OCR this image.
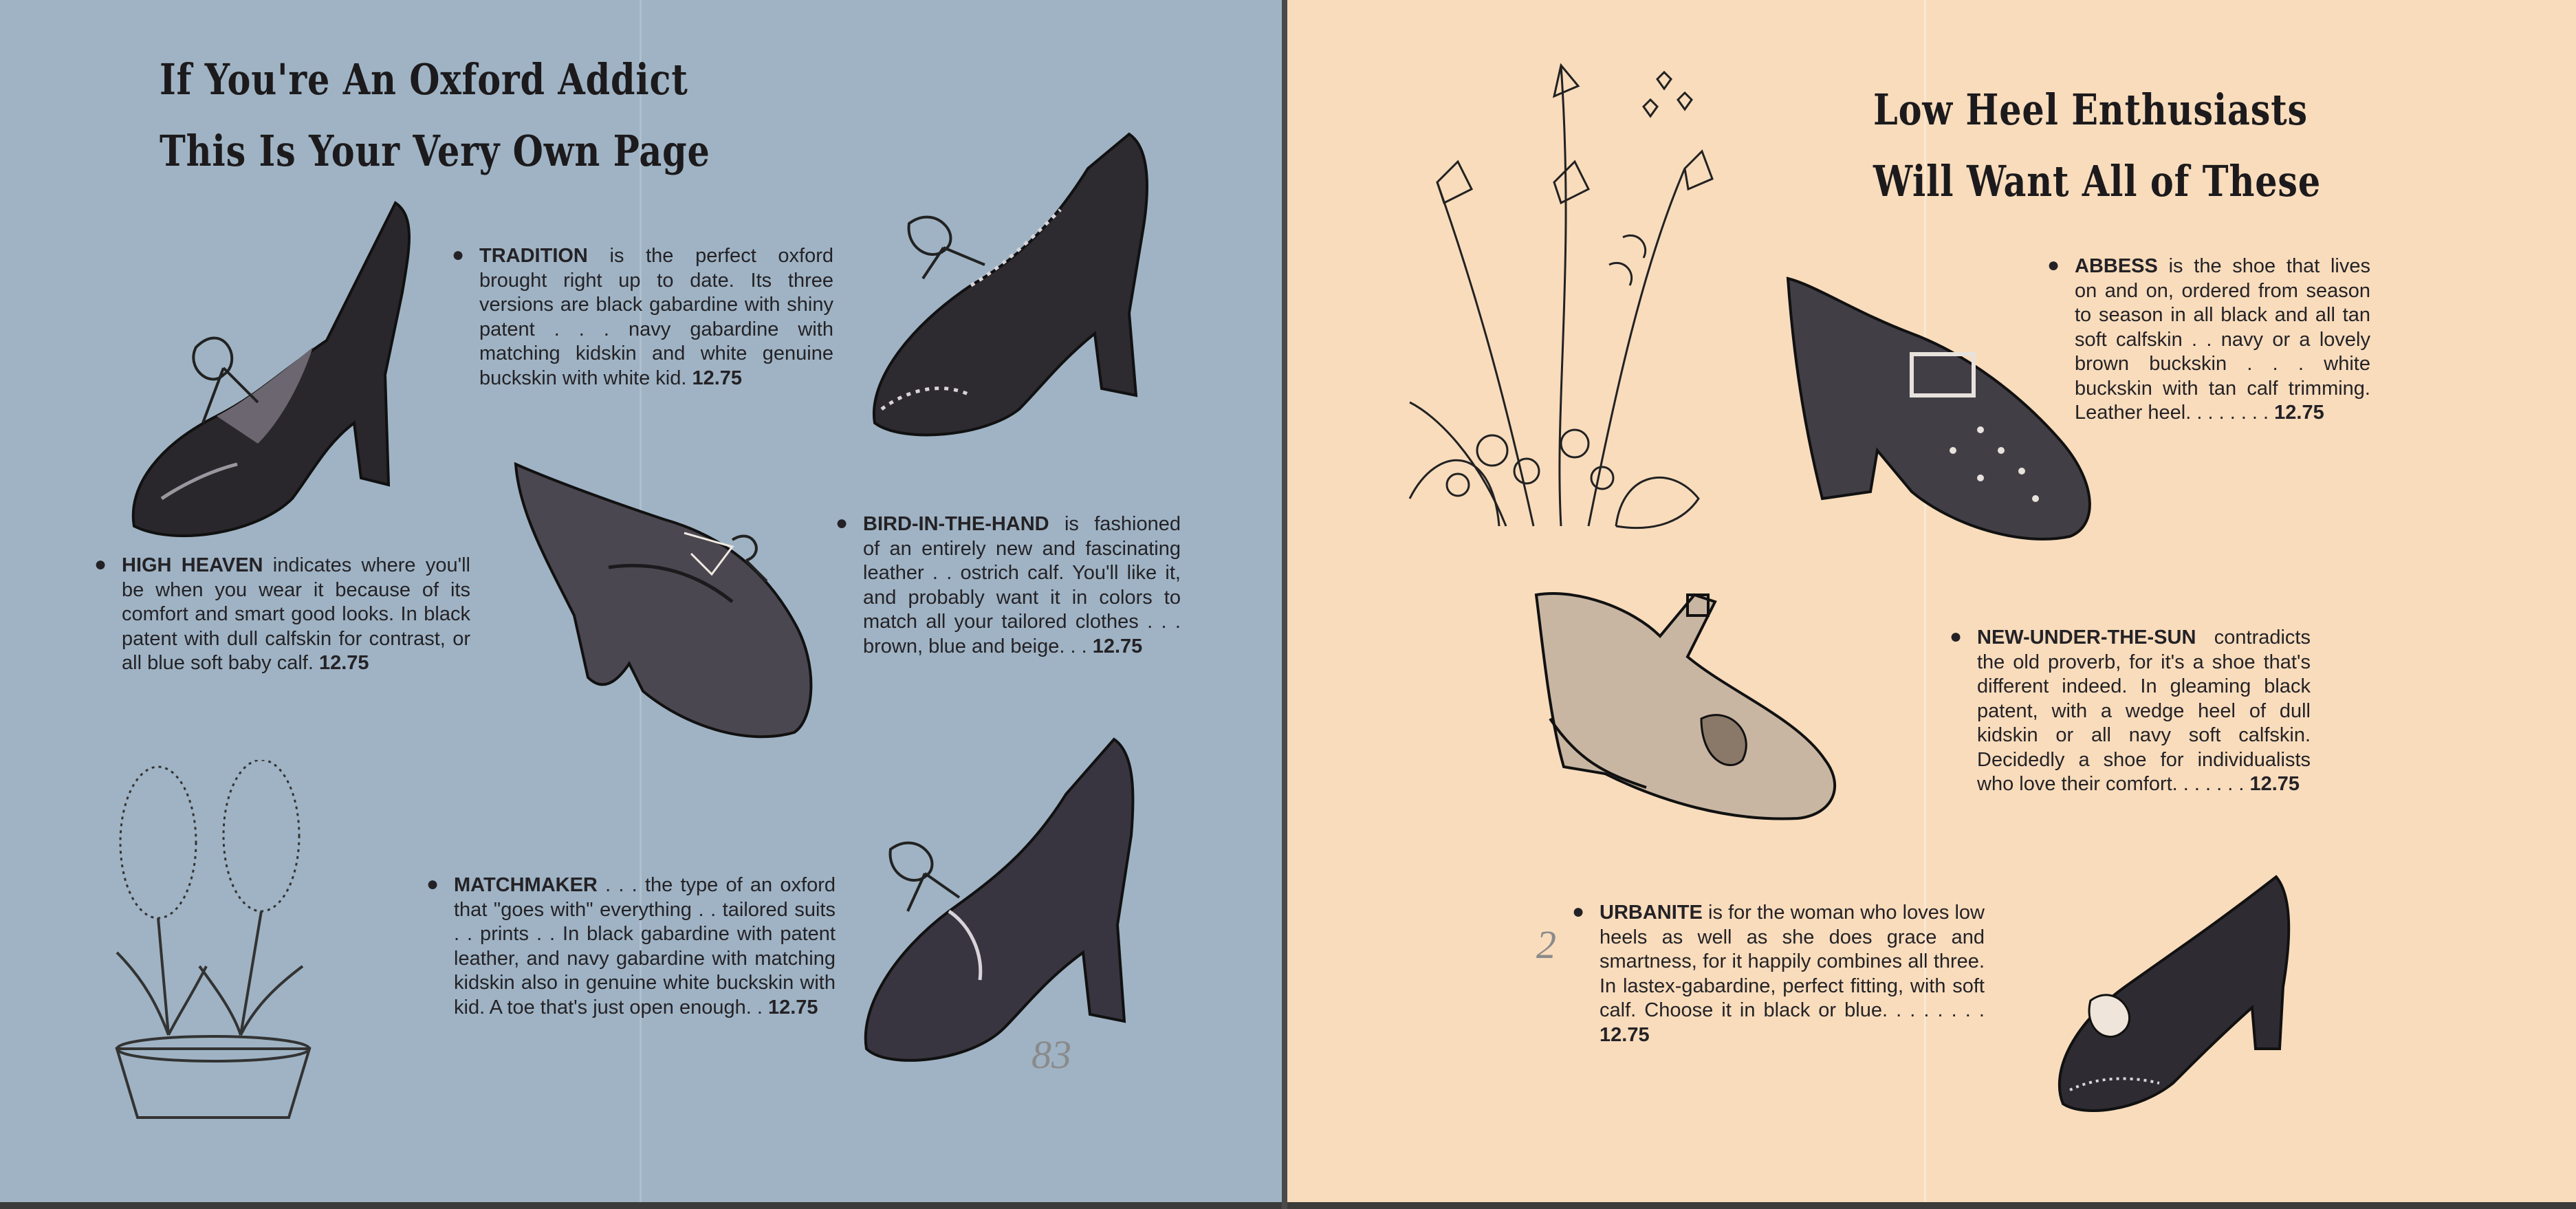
If You're An Oxford Addict
This Is Your Very Own Page
● TRADITION is the perfect oxford brought right up to date. Its three versions are black gabardine with shiny patent . . . navy gabardine with matching kidskin and white genuine buckskin with white kid. 12.75
● HIGH HEAVEN indicates where you'll be when you wear it because of its comfort and smart good looks. In black patent with dull calfskin for contrast, or all blue soft baby calf. 12.75
● BIRD-IN-THE-HAND is fashioned of an entirely new and fascinating leather . . ostrich calf. You'll like it, and probably want it in colors to match all your tailored clothes . . . brown, blue and beige. . . 12.75
● MATCHMAKER . . . the type of an oxford that "goes with" everything . . tailored suits . . prints . . In black gabardine with patent leather, and navy gabardine with matching kidskin also in genuine white buckskin with kid. A toe that's just open enough. . 12.75
83
Low Heel Enthusiasts
Will Want All of These
● ABBESS is the shoe that lives on and on, ordered from season to season in all black and all tan soft calfskin . . navy or a lovely brown buckskin . . . white buckskin with tan calf trimming. Leather heel. . . . . . . . 12.75
● NEW-UNDER-THE-SUN contradicts the old proverb, for it's a shoe that's different indeed. In gleaming black patent, with a wedge heel of dull kidskin or all navy soft calfskin. Decidedly a shoe for individualists who love their comfort. . . . . . . 12.75
● URBANITE is for the woman who loves low heels as well as she does grace and smartness, for it happily combines all three. In lastex-gabardine, perfect fitting, with soft calf. Choose it in black or blue. . . . . . . . 12.75
2
